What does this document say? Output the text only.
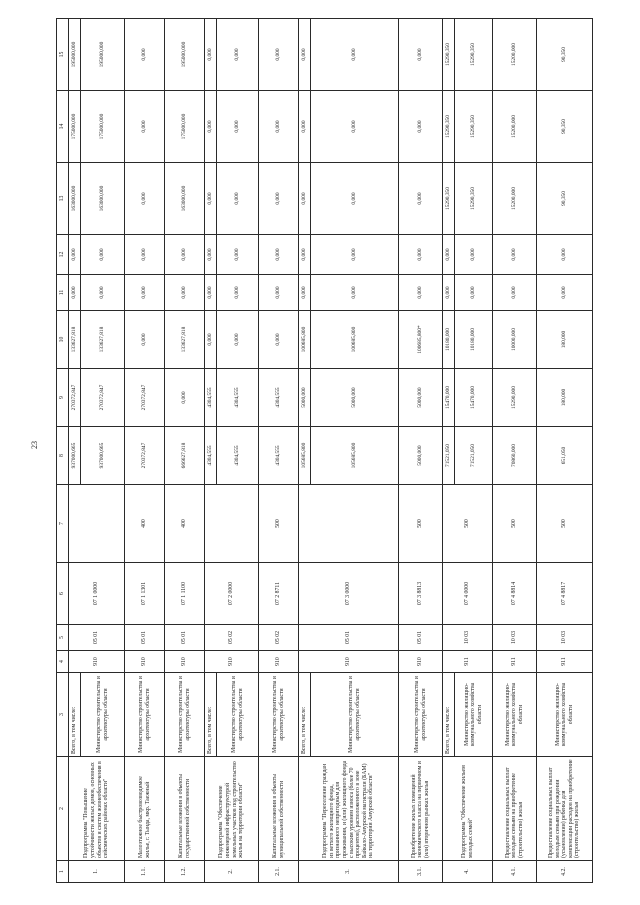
23
1	2	3	4	5	6	7	8	9	10	11	12	13	14	15
1.	Подпрограмма "Повышение устойчивости жилых домов, основных объектов и систем жизнеобеспечения в сейсмических районах области"	Всего, в том числе:	910	05 01	07 1 0000		937000,665	270372,847	133627,818	0,000	0,000	163000,000	175000,000	195000,000
		Министерство строительства и архитектуры области					937000,665	270372,847	133627,818	0,000	0,000	163000,000	175000,000	195000,000
1.1.	Малоэтажное быстровозводимое жилье, г. Тында, мкр. Таежный	Министерство строительства и архитектуры области	910	05 01	07 1 1301	400	270372,847	270372,847	0,000	0,000	0,000	0,000	0,000	0,000
1.2.	Капитальные вложения в объекты государственной собственности	Министерство строительства и архитектуры области	910	05 01	07 1 1100	400	666627,818	0,000	133627,818	0,000	0,000	163000,000	175000,000	195000,000
2.	Подпрограмма "Обеспечение инженерной инфраструктурой земельных участков под строительство жилья на территории области"	Всего, в том числе:	910	05 02	07 2 0000		4304,555	4304,555	0,000	0,000	0,000	0,000	0,000	0,000
		Министерство строительства и архитектуры области					4304,555	4304,555	0,000	0,000	0,000	0,000	0,000	0,000
2.1.	Капитальные вложения в объекты муниципальной собственности	Министерство строительства и архитектуры области	910	05 02	07 2 8711	500	4304,555	4304,555	0,000	0,000	0,000	0,000	0,000	0,000
3.	Подпрограмма "Переселение граждан из ветхого жилищного фонда, признанного непригодным для проживания, и (или) жилищного фонда с высоким уровнем износа (более 70 процентов), расположенного в зоне Байкало-Амурской магистрали (БАМ) на территории Амурской области"	Всего, в том числе:	910	05 01	07 3 0000		105685,800	5000,000	100685,800	0,000	0,000	0,000	0,000	0,000
		Министерство строительства и архитектуры области					105685,800	5000,000	100685,800	0,000	0,000	0,000	0,000	0,000
3.1.	Приобретение жилых помещений экономического класса на первичном и (или) вторичном рынках жилья	Министерство строительства и архитектуры области	910	05 01	07 3 8813	500	5000,000	5000,000	100685,800*	0,000	0,000	0,000	0,000	0,000
4.	Подпрограмма "Обеспечение жильем молодых семей"	Всего, в том числе:	911	10 03	07 4 0000	500	71521,050	15470,000	10180,000	0,000	0,000	15290,350	15290,350	15290,350
		Министерство жилищно-коммунального хозяйства области					71521,050	15470,000	10180,000	0,000	0,000	15290,350	15290,350	15290,350
4.1.	Предоставление социальных выплат молодым семьям на приобретение (строительство) жилья	Министерство жилищно-коммунального хозяйства области	911	10 03	07 4 8814	500	70860,000	15290,000	10000,000	0,000	0,000	15200,000	15200,000	15200,000
4.2.	Предоставление социальных выплат молодым семьям при рождении (усыновлении) ребенка для компенсации расходов на приобретение (строительство) жилья	Министерство жилищно-коммунального хозяйства области	911	10 03	07 4 8817	500	651,050	180,000	180,000	0,000	0,000	90,350	90,350	90,350
